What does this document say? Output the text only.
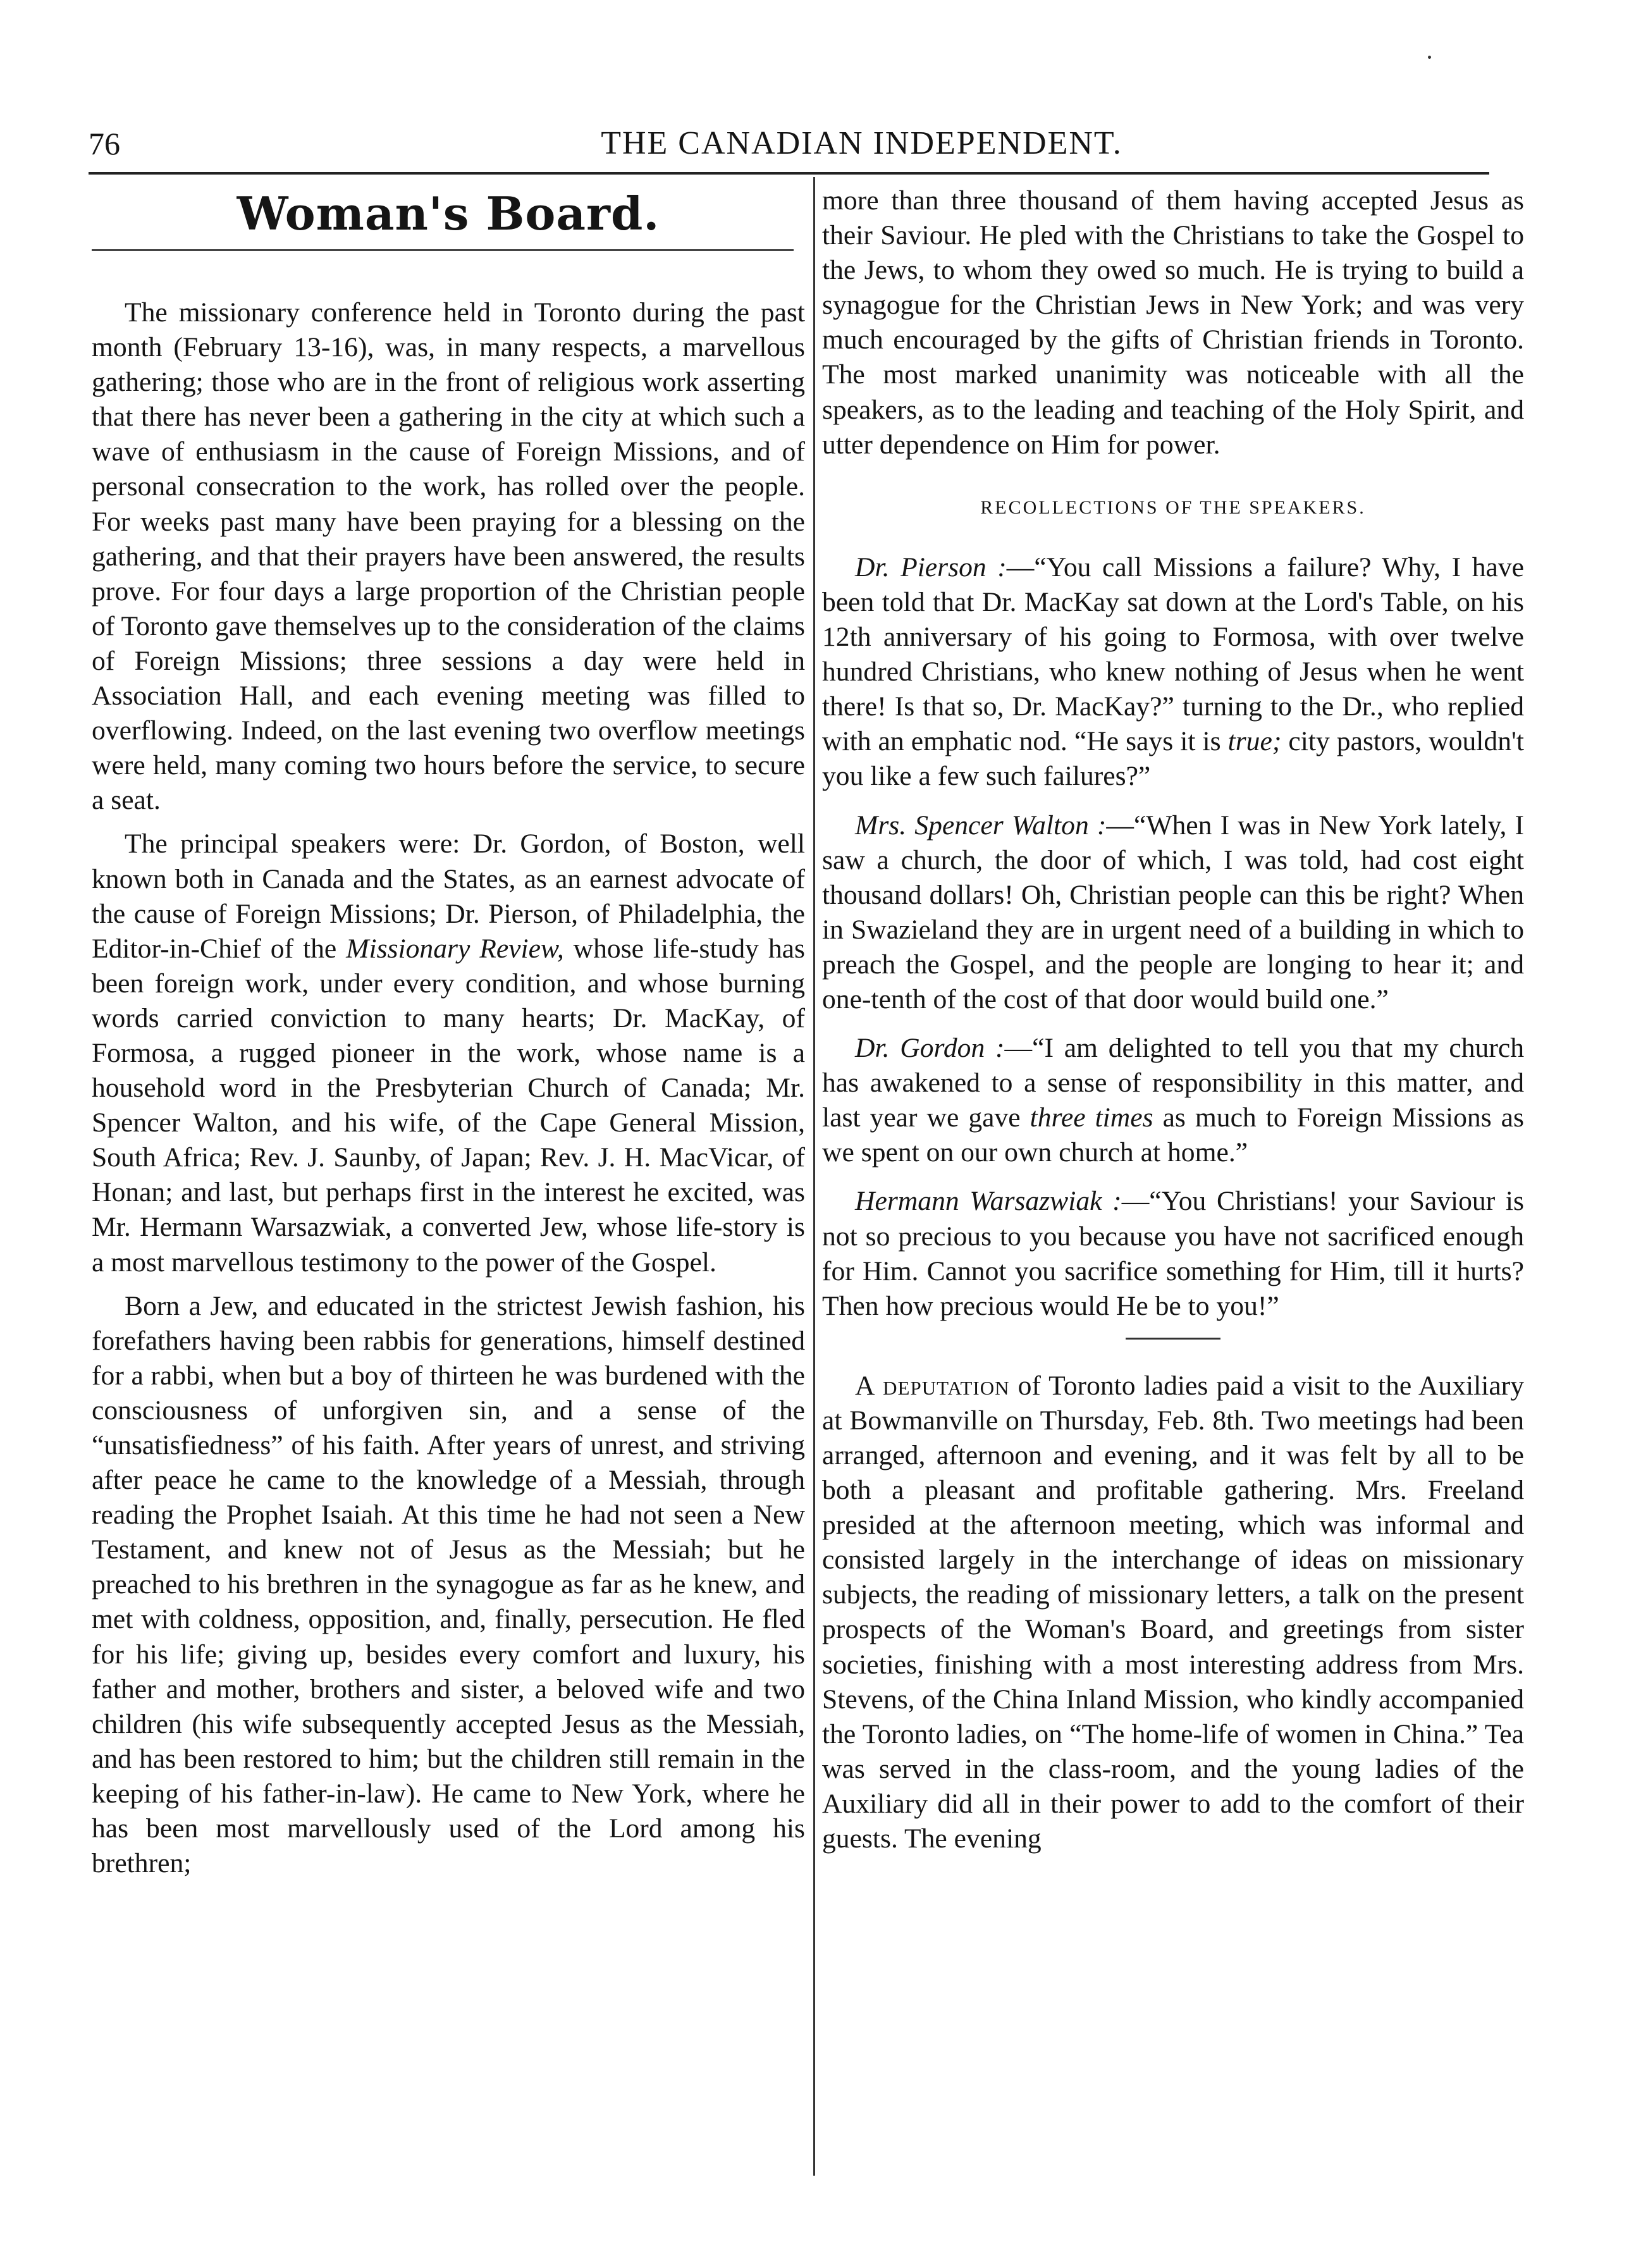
76	THE CANADIAN INDEPENDENT.
Woman's Board.

The missionary conference held in Toronto during the past month (February 13-16), was, in many respects, a marvellous gathering; those who are in the front of religious work asserting that there has never been a gathering in the city at which such a wave of enthusiasm in the cause of Foreign Missions, and of personal consecration to the work, has rolled over the people. For weeks past many have been praying for a blessing on the gathering, and that their prayers have been answered, the results prove. For four days a large proportion of the Christian people of Toronto gave themselves up to the consideration of the claims of Foreign Missions; three sessions a day were held in Association Hall, and each evening meeting was filled to overflowing. Indeed, on the last evening two overflow meetings were held, many coming two hours before the service, to secure a seat.

The principal speakers were: Dr. Gordon, of Boston, well known both in Canada and the States, as an earnest advocate of the cause of Foreign Missions; Dr. Pierson, of Philadelphia, the Editor-in-Chief of the Missionary Review, whose life-study has been foreign work, under every condition, and whose burning words carried conviction to many hearts; Dr. MacKay, of Formosa, a rugged pioneer in the work, whose name is a household word in the Presbyterian Church of Canada; Mr. Spencer Walton, and his wife, of the Cape General Mission, South Africa; Rev. J. Saunby, of Japan; Rev. J. H. MacVicar, of Honan; and last, but perhaps first in the interest he excited, was Mr. Hermann Warsazwiak, a converted Jew, whose life-story is a most marvellous testimony to the power of the Gospel.

Born a Jew, and educated in the strictest Jewish fashion, his forefathers having been rabbis for generations, himself destined for a rabbi, when but a boy of thirteen he was burdened with the consciousness of unforgiven sin, and a sense of the “unsatisfiedness” of his faith. After years of unrest, and striving after peace he came to the knowledge of a Messiah, through reading the Prophet Isaiah. At this time he had not seen a New Testament, and knew not of Jesus as the Messiah; but he preached to his brethren in the synagogue as far as he knew, and met with coldness, opposition, and, finally, persecution. He fled for his life; giving up, besides every comfort and luxury, his father and mother, brothers and sister, a beloved wife and two children (his wife subsequently accepted Jesus as the Messiah, and has been restored to him; but the children still remain in the keeping of his father-in-law). He came to New York, where he has been most marvellously used of the Lord among his brethren;

more than three thousand of them having accepted Jesus as their Saviour. He pled with the Christians to take the Gospel to the Jews, to whom they owed so much. He is trying to build a synagogue for the Christian Jews in New York; and was very much encouraged by the gifts of Christian friends in Toronto. The most marked unanimity was noticeable with all the speakers, as to the leading and teaching of the Holy Spirit, and utter dependence on Him for power.

RECOLLECTIONS OF THE SPEAKERS.

Dr. Pierson :—“You call Missions a failure? Why, I have been told that Dr. MacKay sat down at the Lord's Table, on his 12th anniversary of his going to Formosa, with over twelve hundred Christians, who knew nothing of Jesus when he went there! Is that so, Dr. MacKay?” turning to the Dr., who replied with an emphatic nod. “He says it is true; city pastors, wouldn't you like a few such failures?”

Mrs. Spencer Walton :—“When I was in New York lately, I saw a church, the door of which, I was told, had cost eight thousand dollars! Oh, Christian people can this be right? When in Swazieland they are in urgent need of a building in which to preach the Gospel, and the people are longing to hear it; and one-tenth of the cost of that door would build one.”

Dr. Gordon :—“I am delighted to tell you that my church has awakened to a sense of responsibility in this matter, and last year we gave three times as much to Foreign Missions as we spent on our own church at home.”

Hermann Warsazwiak :—“You Christians! your Saviour is not so precious to you because you have not sacrificed enough for Him. Cannot you sacrifice something for Him, till it hurts? Then how precious would He be to you!”

A deputation of Toronto ladies paid a visit to the Auxiliary at Bowmanville on Thursday, Feb. 8th. Two meetings had been arranged, afternoon and evening, and it was felt by all to be both a pleasant and profitable gathering. Mrs. Freeland presided at the afternoon meeting, which was informal and consisted largely in the interchange of ideas on missionary subjects, the reading of missionary letters, a talk on the present prospects of the Woman's Board, and greetings from sister societies, finishing with a most interesting address from Mrs. Stevens, of the China Inland Mission, who kindly accompanied the Toronto ladies, on “The home-life of women in China.” Tea was served in the class-room, and the young ladies of the Auxiliary did all in their power to add to the comfort of their guests. The evening
